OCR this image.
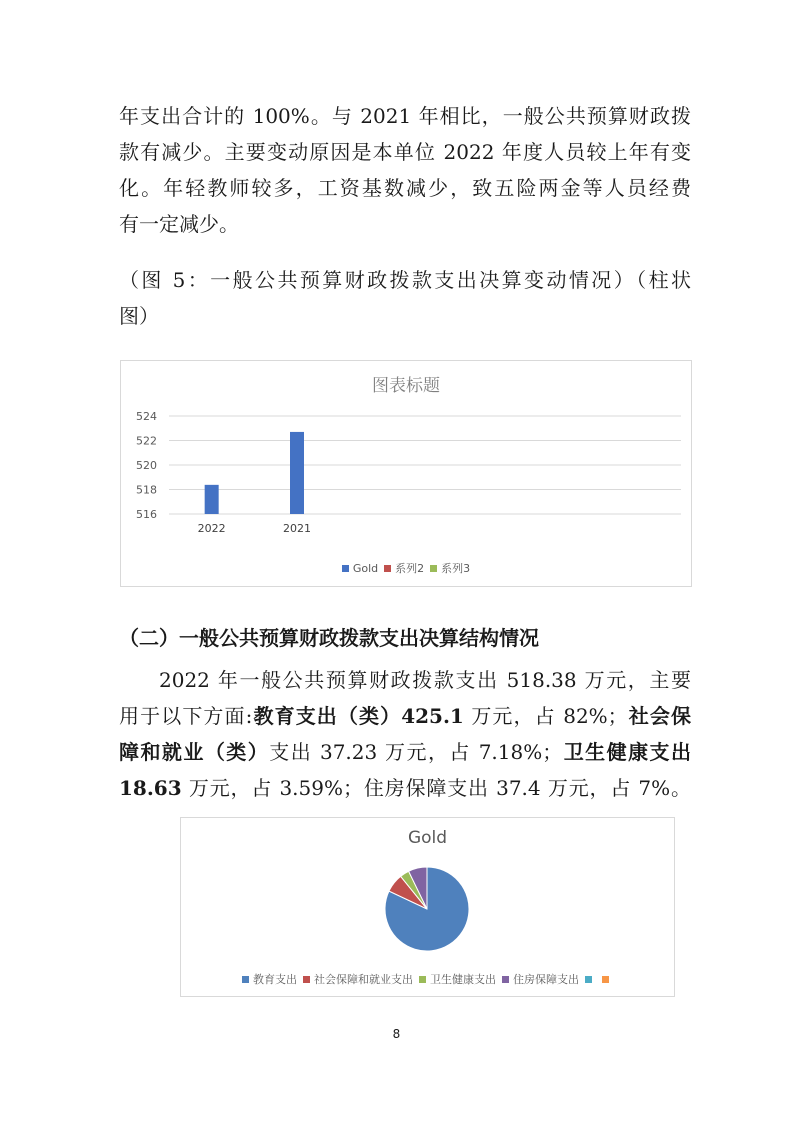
年支出合计的 100%。与 2021 年相比，一般公共预算财政拨
款有减少。主要变动原因是本单位 2022 年度人员较上年有变
化。年轻教师较多，工资基数减少，致五险两金等人员经费
有一定减少。
（图 5：一般公共预算财政拨款支出决算变动情况）（柱状
图）
图表标题
524
522
520
518
516
2022	2021
Gold 系列2 系列3
（二）一般公共预算财政拨款支出决算结构情况
2022 年一般公共预算财政拨款支出 518.38 万元，主要
用于以下方面:教育支出（类）425.1 万元，占 82%；社会保
障和就业（类）支出 37.23 万元，占 7.18%；卫生健康支出
18.63 万元，占 3.59%；住房保障支出 37.4 万元，占 7%。
Gold
教育支出 社会保障和就业支出 卫生健康支出 住房保障支出
8
